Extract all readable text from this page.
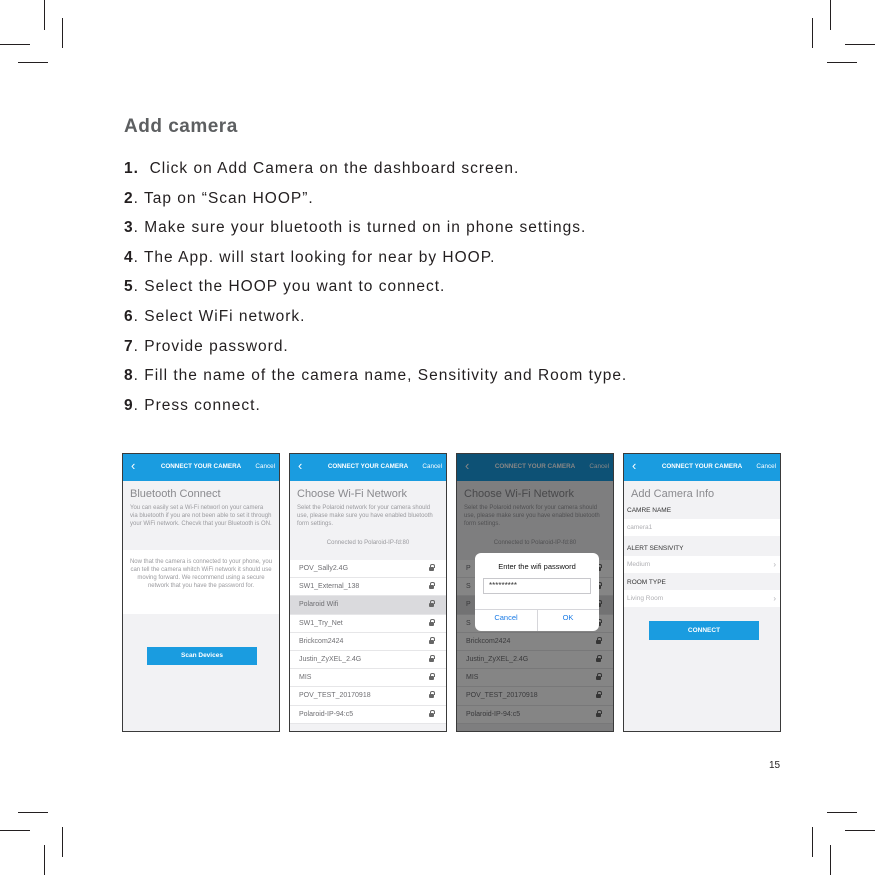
Add camera
1. Click on Add Camera on the dashboard screen.
2. Tap on “Scan HOOP”.
3. Make sure your bluetooth is turned on in phone settings.
4. The App. will start looking for near by HOOP.
5. Select the HOOP you want to connect.
6. Select WiFi network.
7. Provide password.
8. Fill the name of the camera name, Sensitivity and Room type.
9. Press connect.
‹	CONNECT YOUR CAMERA	Cancel
Bluetooth Connect
You can easily set a Wi-Fi networl on your camera via bluetooth if you are not been able to set it through your WiFi network. Checvk that your Bluetooth is ON.
Now that the camera is connected to your phone, you can tell the camera whitch WiFi network it should use moving forward. We recommend using a secure network that you have the password for.
Scan Devices
‹	CONNECT YOUR CAMERA	Cancel
Choose Wi-Fi Network
Selet the Polaroid network for your camera should use, please make sure you have enabled bluetooth form settings.
Connected to Polaroid-IP-fd:80
POV_Sally2.4G
SW1_External_138
Polaroid Wifi
SW1_Try_Net
Brickcom2424
Justin_ZyXEL_2.4G
MIS
POV_TEST_20170918
Polaroid-IP-94:c5
‹	CONNECT YOUR CAMERA	Cancel
Choose Wi-Fi Network
Selet the Polaroid network for your camera should use, please make sure you have enabled bluetooth form settings.
Connected to Polaroid-IP-fd:80
P
S
P
S
Brickcom2424
Justin_ZyXEL_2.4G
MIS
POV_TEST_20170918
Polaroid-IP-94:c5
Enter the wifi password
*********
Cancel	OK
‹	CONNECT YOUR CAMERA	Cancel
Add Camera Info
CAMRE NAME
camera1
ALERT SENSIVITY
Medium	›
ROOM TYPE
Living Room	›
CONNECT
15
